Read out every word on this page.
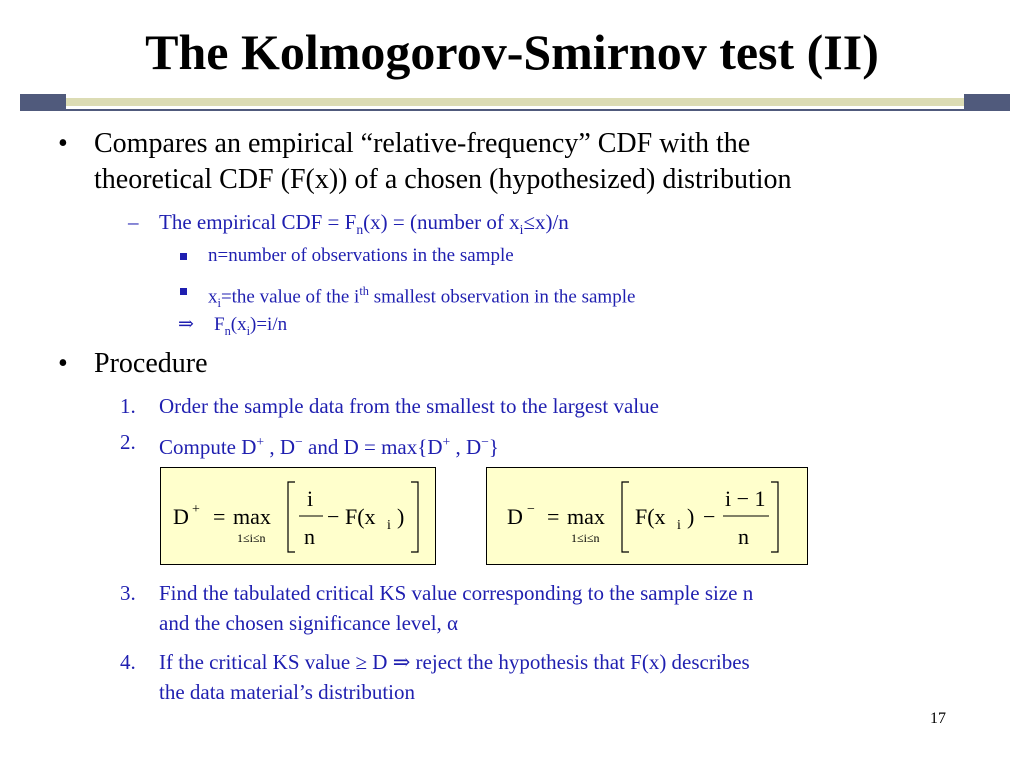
The Kolmogorov-Smirnov test (II)
• Compares an empirical “relative-frequency” CDF with the
theoretical CDF (F(x)) of a chosen (hypothesized) distribution
– The empirical CDF = $F_n(x)$ = (number of $x_i\le x)/n$
n=number of observations in the sample
$x_i=the$ value of the $i^{th}$ smallest observation in the sample
⇒ $F_n(x_i)=i/n$
• Procedure
1. Order the sample data from the smallest to the largest value
2. Compute D+ , D− and D = max{D+ , D−}
D + = max
1≤i≤n
i
n
− F(x i )	D − = max
1≤i≤n
F(x i ) −
i − 1
n
3. Find the tabulated critical KS value corresponding to the sample size n
and the chosen significance level, α
4. If the critical KS value ≥ D ⇒ reject the hypothesis that F(x) describes
the data material’s distribution
17
